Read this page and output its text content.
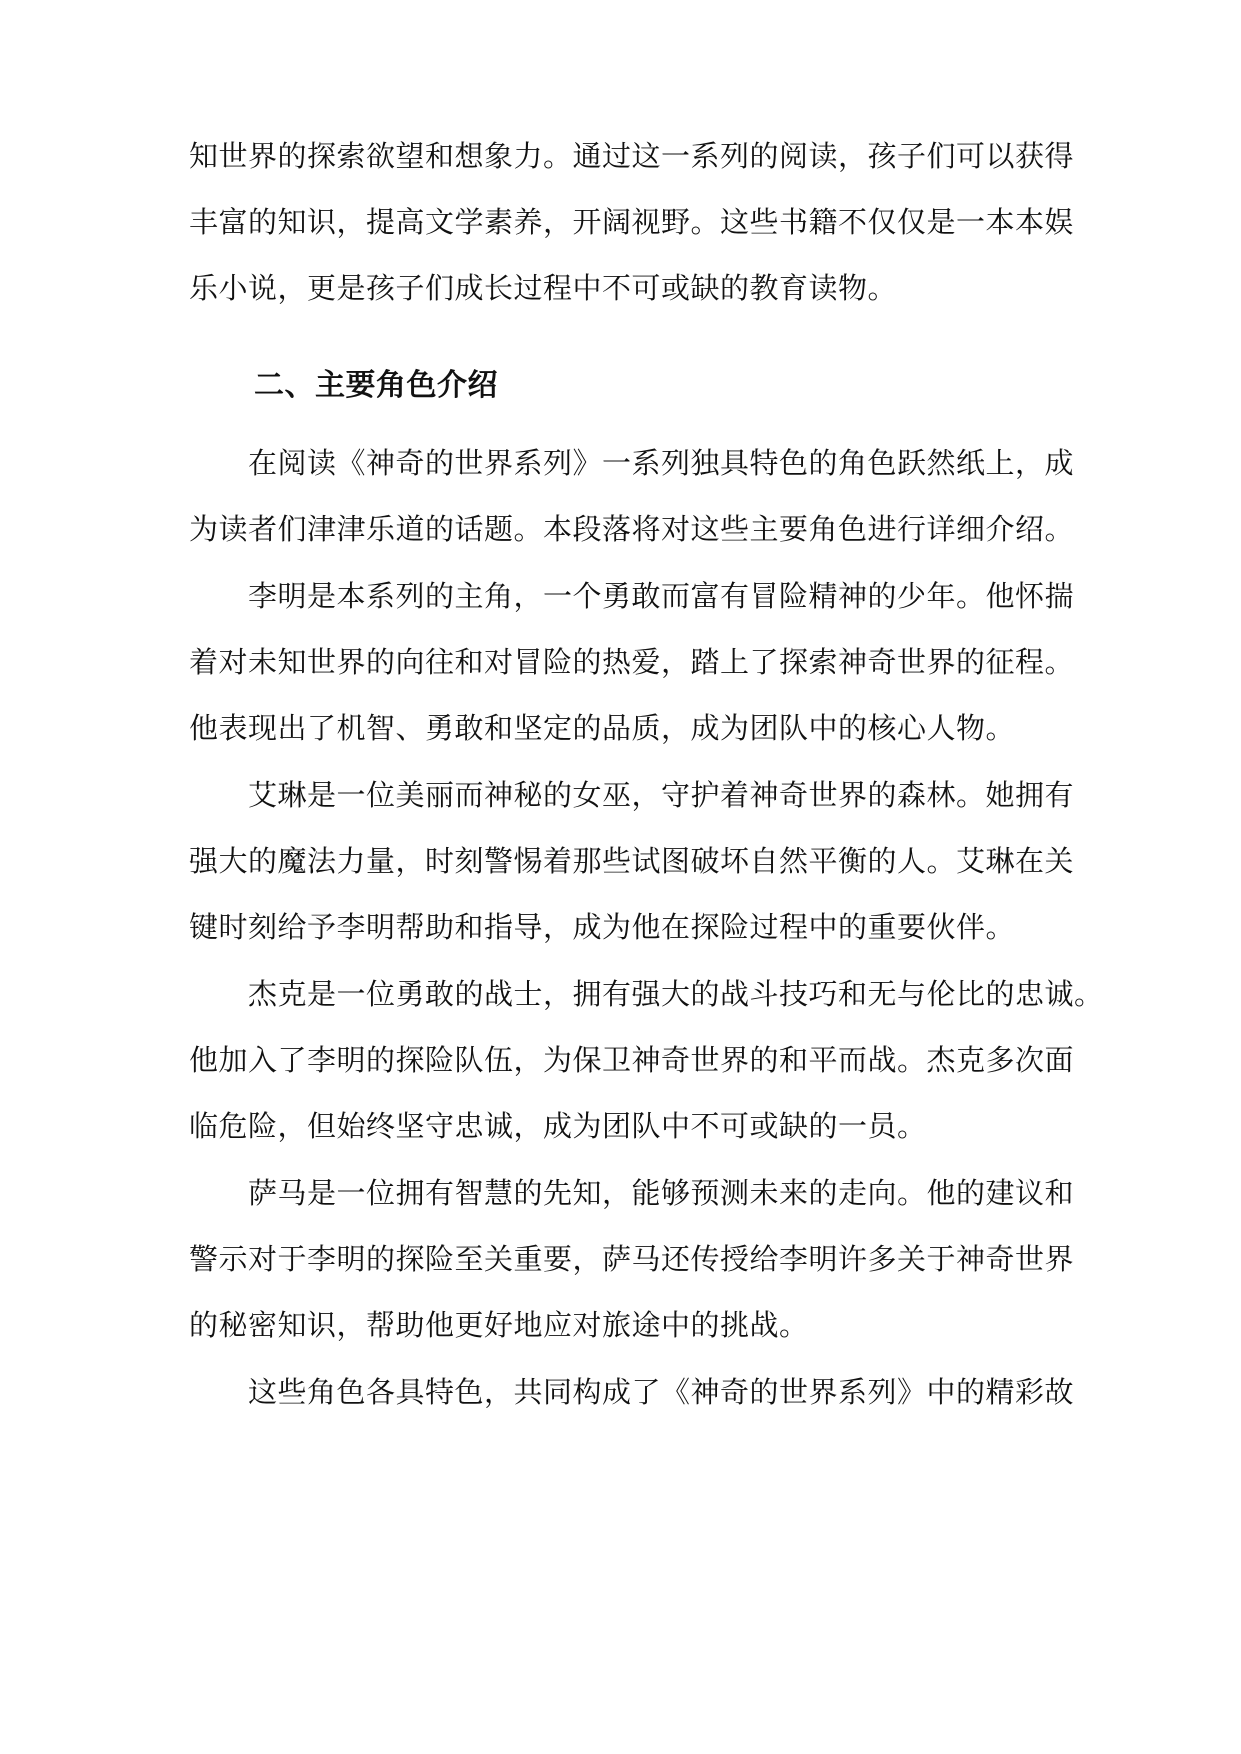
知世界的探索欲望和想象力。通过这一系列的阅读，孩子们可以获得
丰富的知识，提高文学素养，开阔视野。这些书籍不仅仅是一本本娱
乐小说，更是孩子们成长过程中不可或缺的教育读物。
二、主要角色介绍
在阅读《神奇的世界系列》一系列独具特色的角色跃然纸上，成
为读者们津津乐道的话题。本段落将对这些主要角色进行详细介绍。
李明是本系列的主角，一个勇敢而富有冒险精神的少年。他怀揣
着对未知世界的向往和对冒险的热爱，踏上了探索神奇世界的征程。
他表现出了机智、勇敢和坚定的品质，成为团队中的核心人物。
艾琳是一位美丽而神秘的女巫，守护着神奇世界的森林。她拥有
强大的魔法力量，时刻警惕着那些试图破坏自然平衡的人。艾琳在关
键时刻给予李明帮助和指导，成为他在探险过程中的重要伙伴。
杰克是一位勇敢的战士，拥有强大的战斗技巧和无与伦比的忠诚。
他加入了李明的探险队伍，为保卫神奇世界的和平而战。杰克多次面
临危险，但始终坚守忠诚，成为团队中不可或缺的一员。
萨马是一位拥有智慧的先知，能够预测未来的走向。他的建议和
警示对于李明的探险至关重要，萨马还传授给李明许多关于神奇世界
的秘密知识，帮助他更好地应对旅途中的挑战。
这些角色各具特色，共同构成了《神奇的世界系列》中的精彩故
